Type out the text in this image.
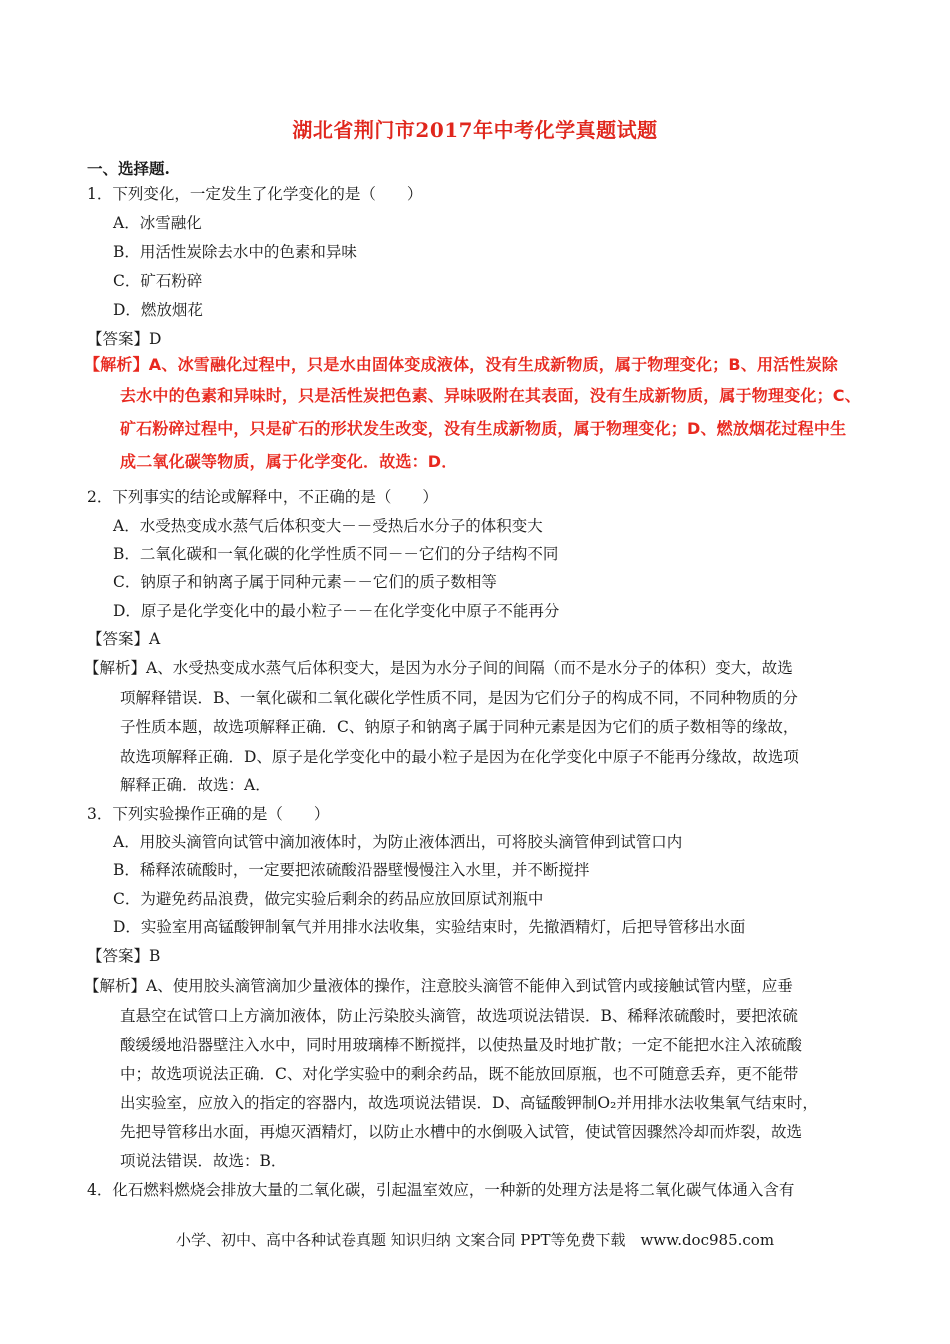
湖北省荆门市2017年中考化学真题试题
一、选择题.
1．下列变化，一定发生了化学变化的是（　　）
A．冰雪融化
B．用活性炭除去水中的色素和异味
C．矿石粉碎
D．燃放烟花
【答案】D
【解析】A、冰雪融化过程中，只是水由固体变成液体，没有生成新物质，属于物理变化；B、用活性炭除
去水中的色素和异味时，只是活性炭把色素、异味吸附在其表面，没有生成新物质，属于物理变化；C、
矿石粉碎过程中，只是矿石的形状发生改变，没有生成新物质，属于物理变化；D、燃放烟花过程中生
成二氧化碳等物质，属于化学变化．故选：D．
2．下列事实的结论或解释中，不正确的是（　　）
A．水受热变成水蒸气后体积变大－－受热后水分子的体积变大
B．二氧化碳和一氧化碳的化学性质不同－－它们的分子结构不同
C．钠原子和钠离子属于同种元素－－它们的质子数相等
D．原子是化学变化中的最小粒子－－在化学变化中原子不能再分
【答案】A
【解析】A、水受热变成水蒸气后体积变大，是因为水分子间的间隔（而不是水分子的体积）变大，故选
项解释错误．B、一氧化碳和二氧化碳化学性质不同，是因为它们分子的构成不同，不同种物质的分
子性质本题，故选项解释正确．C、钠原子和钠离子属于同种元素是因为它们的质子数相等的缘故，
故选项解释正确．D、原子是化学变化中的最小粒子是因为在化学变化中原子不能再分缘故，故选项
解释正确．故选：A．
3．下列实验操作正确的是（　　）
A．用胶头滴管向试管中滴加液体时，为防止液体洒出，可将胶头滴管伸到试管口内
B．稀释浓硫酸时，一定要把浓硫酸沿器壁慢慢注入水里，并不断搅拌
C．为避免药品浪费，做完实验后剩余的药品应放回原试剂瓶中
D．实验室用高锰酸钾制氧气并用排水法收集，实验结束时，先撤酒精灯，后把导管移出水面
【答案】B
【解析】A、使用胶头滴管滴加少量液体的操作，注意胶头滴管不能伸入到试管内或接触试管内壁，应垂
直悬空在试管口上方滴加液体，防止污染胶头滴管，故选项说法错误．B、稀释浓硫酸时，要把浓硫
酸缓缓地沿器壁注入水中，同时用玻璃棒不断搅拌，以使热量及时地扩散；一定不能把水注入浓硫酸
中；故选项说法正确．C、对化学实验中的剩余药品，既不能放回原瓶，也不可随意丢弃，更不能带
出实验室，应放入的指定的容器内，故选项说法错误．D、高锰酸钾制O₂并用排水法收集氧气结束时，
先把导管移出水面，再熄灭酒精灯，以防止水槽中的水倒吸入试管，使试管因骤然冷却而炸裂，故选
项说法错误．故选：B．
4．化石燃料燃烧会排放大量的二氧化碳，引起温室效应，一种新的处理方法是将二氧化碳气体通入含有
小学、初中、高中各种试卷真题 知识归纳 文案合同 PPT等免费下载　www.doc985.com
